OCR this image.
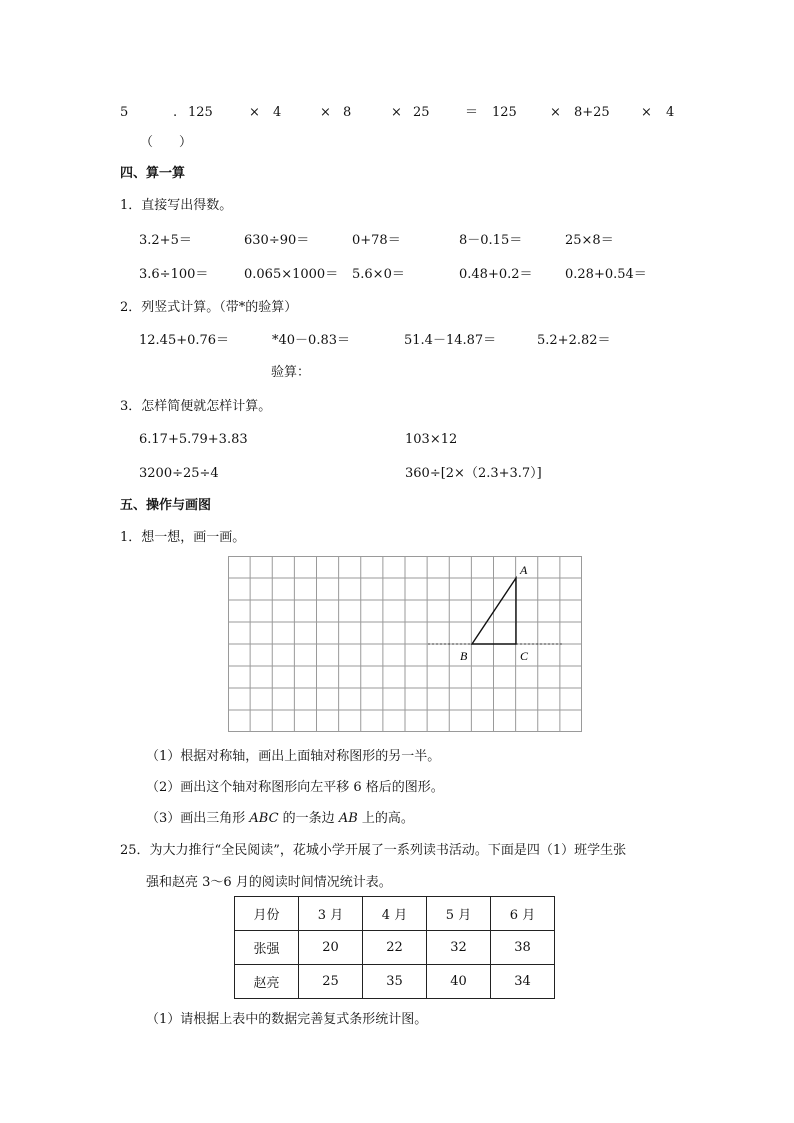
5	. 125	× 4	× 8	× 25	＝ 125	× 8+25 × 4
（　　）
四、算一算
1．直接写出得数。
3.2+5＝	630÷90＝	0+78＝	8－0.15＝	25×8＝
3.6÷100＝	0.065×1000＝ 5.6×0＝	0.48+0.2＝ 0.28+0.54＝
2．列竖式计算。（带*的验算）
12.45+0.76＝	*40－0.83＝	51.4－14.87＝	5.2+2.82＝
验算：
3．怎样简便就怎样计算。
6.17+5.79+3.83	103×12
3200÷25÷4	360÷[2×（2.3+3.7）]
五、操作与画图
1．想一想，画一画。
A
B	C
（1）根据对称轴，画出上面轴对称图形的另一半。
（2）画出这个轴对称图形向左平移 6 格后的图形。
（3）画出三角形 ABC 的一条边 AB 上的高。
25．为大力推行“全民阅读”，花城小学开展了一系列读书活动。下面是四（1）班学生张
强和赵亮 3～6 月的阅读时间情况统计表。
月份	3 月	4 月	5 月	6 月
张强	20	22	32	38
赵亮	25	35	40	34
（1）请根据上表中的数据完善复式条形统计图。
